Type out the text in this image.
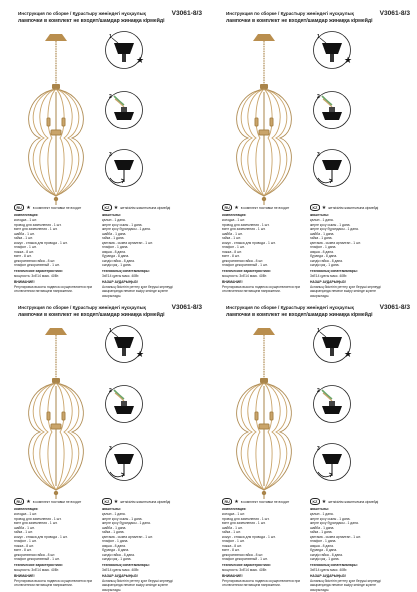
Инструкция по сборке / Құрастыру жөніндегі нұсқаулық	V3061-8/3
лампочки в комплект не входят/шамдар жинаққа кірмейді
1
★
2
3
RU ★ в комплект поставки не входит	KZ ★ жеткізілім жиынтығына кірмейді
комплектация:
колодка - 1 шт.
провод для заземления - 1 шт.
винт для заземления - 1 шт.
шайба - 1 шт.
гайка - 1 шт.
кожух - стяжка для провода - 1 шт.
плафон - 1 шт.
ножка - 8 шт.
винт - 8 шт.
декоративная гайка - 8 шт.
плафон декоративный - 1 шт.
технические характеристики:
мощность: 3xE14 макс. 40Вт.
ВНИМАНИЕ!
Регулировка высоты подвеса осуществляется при отключенном питающем напряжении.
жиынтығы:
қалып - 1 дана.
жерге қосу сымы - 1 дана.
жерге қосу бұрандасы - 1 дана.
шайба - 1 дана.
гайка - 1 дана.
қаптама - сымға арналған - 1 шт.
плафон - 1 дана.
аяқша - 8 дана.
бұранда - 8 дана.
сәндік гайка - 8 дана.
сәндік қақ - 1 дана.
техникалық сипаттамалары:
3xE14 қуаты макс. 40Вт.
НАЗАР АУДАРЫҢЫЗ!
Аспаның биіктігін реттеу қуат беруші кернеуді ажыратқанда немесе өшіру кезінде жүзеге асырылады.
Инструкция по сборке / Құрастыру жөніндегі нұсқаулық	V3061-8/3
лампочки в комплект не входят/шамдар жинаққа кірмейді
1
★
2
3
RU ★ в комплект поставки не входит	KZ ★ жеткізілім жиынтығына кірмейді
комплектация:
колодка - 1 шт.
провод для заземления - 1 шт.
винт для заземления - 1 шт.
шайба - 1 шт.
гайка - 1 шт.
кожух - стяжка для провода - 1 шт.
плафон - 1 шт.
ножка - 8 шт.
винт - 8 шт.
декоративная гайка - 8 шт.
плафон декоративный - 1 шт.
технические характеристики:
мощность: 3xE14 макс. 40Вт.
ВНИМАНИЕ!
Регулировка высоты подвеса осуществляется при отключенном питающем напряжении.
жиынтығы:
қалып - 1 дана.
жерге қосу сымы - 1 дана.
жерге қосу бұрандасы - 1 дана.
шайба - 1 дана.
гайка - 1 дана.
қаптама - сымға арналған - 1 шт.
плафон - 1 дана.
аяқша - 8 дана.
бұранда - 8 дана.
сәндік гайка - 8 дана.
сәндік қақ - 1 дана.
техникалық сипаттамалары:
3xE14 қуаты макс. 40Вт.
НАЗАР АУДАРЫҢЫЗ!
Аспаның биіктігін реттеу қуат беруші кернеуді ажыратқанда немесе өшіру кезінде жүзеге асырылады.
Инструкция по сборке / Құрастыру жөніндегі нұсқаулық	V3061-8/3
лампочки в комплект не входят/шамдар жинаққа кірмейді
1
★
2
3
RU ★ в комплект поставки не входит	KZ ★ жеткізілім жиынтығына кірмейді
комплектация:
колодка - 1 шт.
провод для заземления - 1 шт.
винт для заземления - 1 шт.
шайба - 1 шт.
гайка - 1 шт.
кожух - стяжка для провода - 1 шт.
плафон - 1 шт.
ножка - 8 шт.
винт - 8 шт.
декоративная гайка - 8 шт.
плафон декоративный - 1 шт.
технические характеристики:
мощность: 3xE14 макс. 40Вт.
ВНИМАНИЕ!
Регулировка высоты подвеса осуществляется при отключенном питающем напряжении.
жиынтығы:
қалып - 1 дана.
жерге қосу сымы - 1 дана.
жерге қосу бұрандасы - 1 дана.
шайба - 1 дана.
гайка - 1 дана.
қаптама - сымға арналған - 1 шт.
плафон - 1 дана.
аяқша - 8 дана.
бұранда - 8 дана.
сәндік гайка - 8 дана.
сәндік қақ - 1 дана.
техникалық сипаттамалары:
3xE14 қуаты макс. 40Вт.
НАЗАР АУДАРЫҢЫЗ!
Аспаның биіктігін реттеу қуат беруші кернеуді ажыратқанда немесе өшіру кезінде жүзеге асырылады.
Инструкция по сборке / Құрастыру жөніндегі нұсқаулық	V3061-8/3
лампочки в комплект не входят/шамдар жинаққа кірмейді
1
★
2
3
RU ★ в комплект поставки не входит	KZ ★ жеткізілім жиынтығына кірмейді
комплектация:
колодка - 1 шт.
провод для заземления - 1 шт.
винт для заземления - 1 шт.
шайба - 1 шт.
гайка - 1 шт.
кожух - стяжка для провода - 1 шт.
плафон - 1 шт.
ножка - 8 шт.
винт - 8 шт.
декоративная гайка - 8 шт.
плафон декоративный - 1 шт.
технические характеристики:
мощность: 3xE14 макс. 40Вт.
ВНИМАНИЕ!
Регулировка высоты подвеса осуществляется при отключенном питающем напряжении.
жиынтығы:
қалып - 1 дана.
жерге қосу сымы - 1 дана.
жерге қосу бұрандасы - 1 дана.
шайба - 1 дана.
гайка - 1 дана.
қаптама - сымға арналған - 1 шт.
плафон - 1 дана.
аяқша - 8 дана.
бұранда - 8 дана.
сәндік гайка - 8 дана.
сәндік қақ - 1 дана.
техникалық сипаттамалары:
3xE14 қуаты макс. 40Вт.
НАЗАР АУДАРЫҢЫЗ!
Аспаның биіктігін реттеу қуат беруші кернеуді ажыратқанда немесе өшіру кезінде жүзеге асырылады.
